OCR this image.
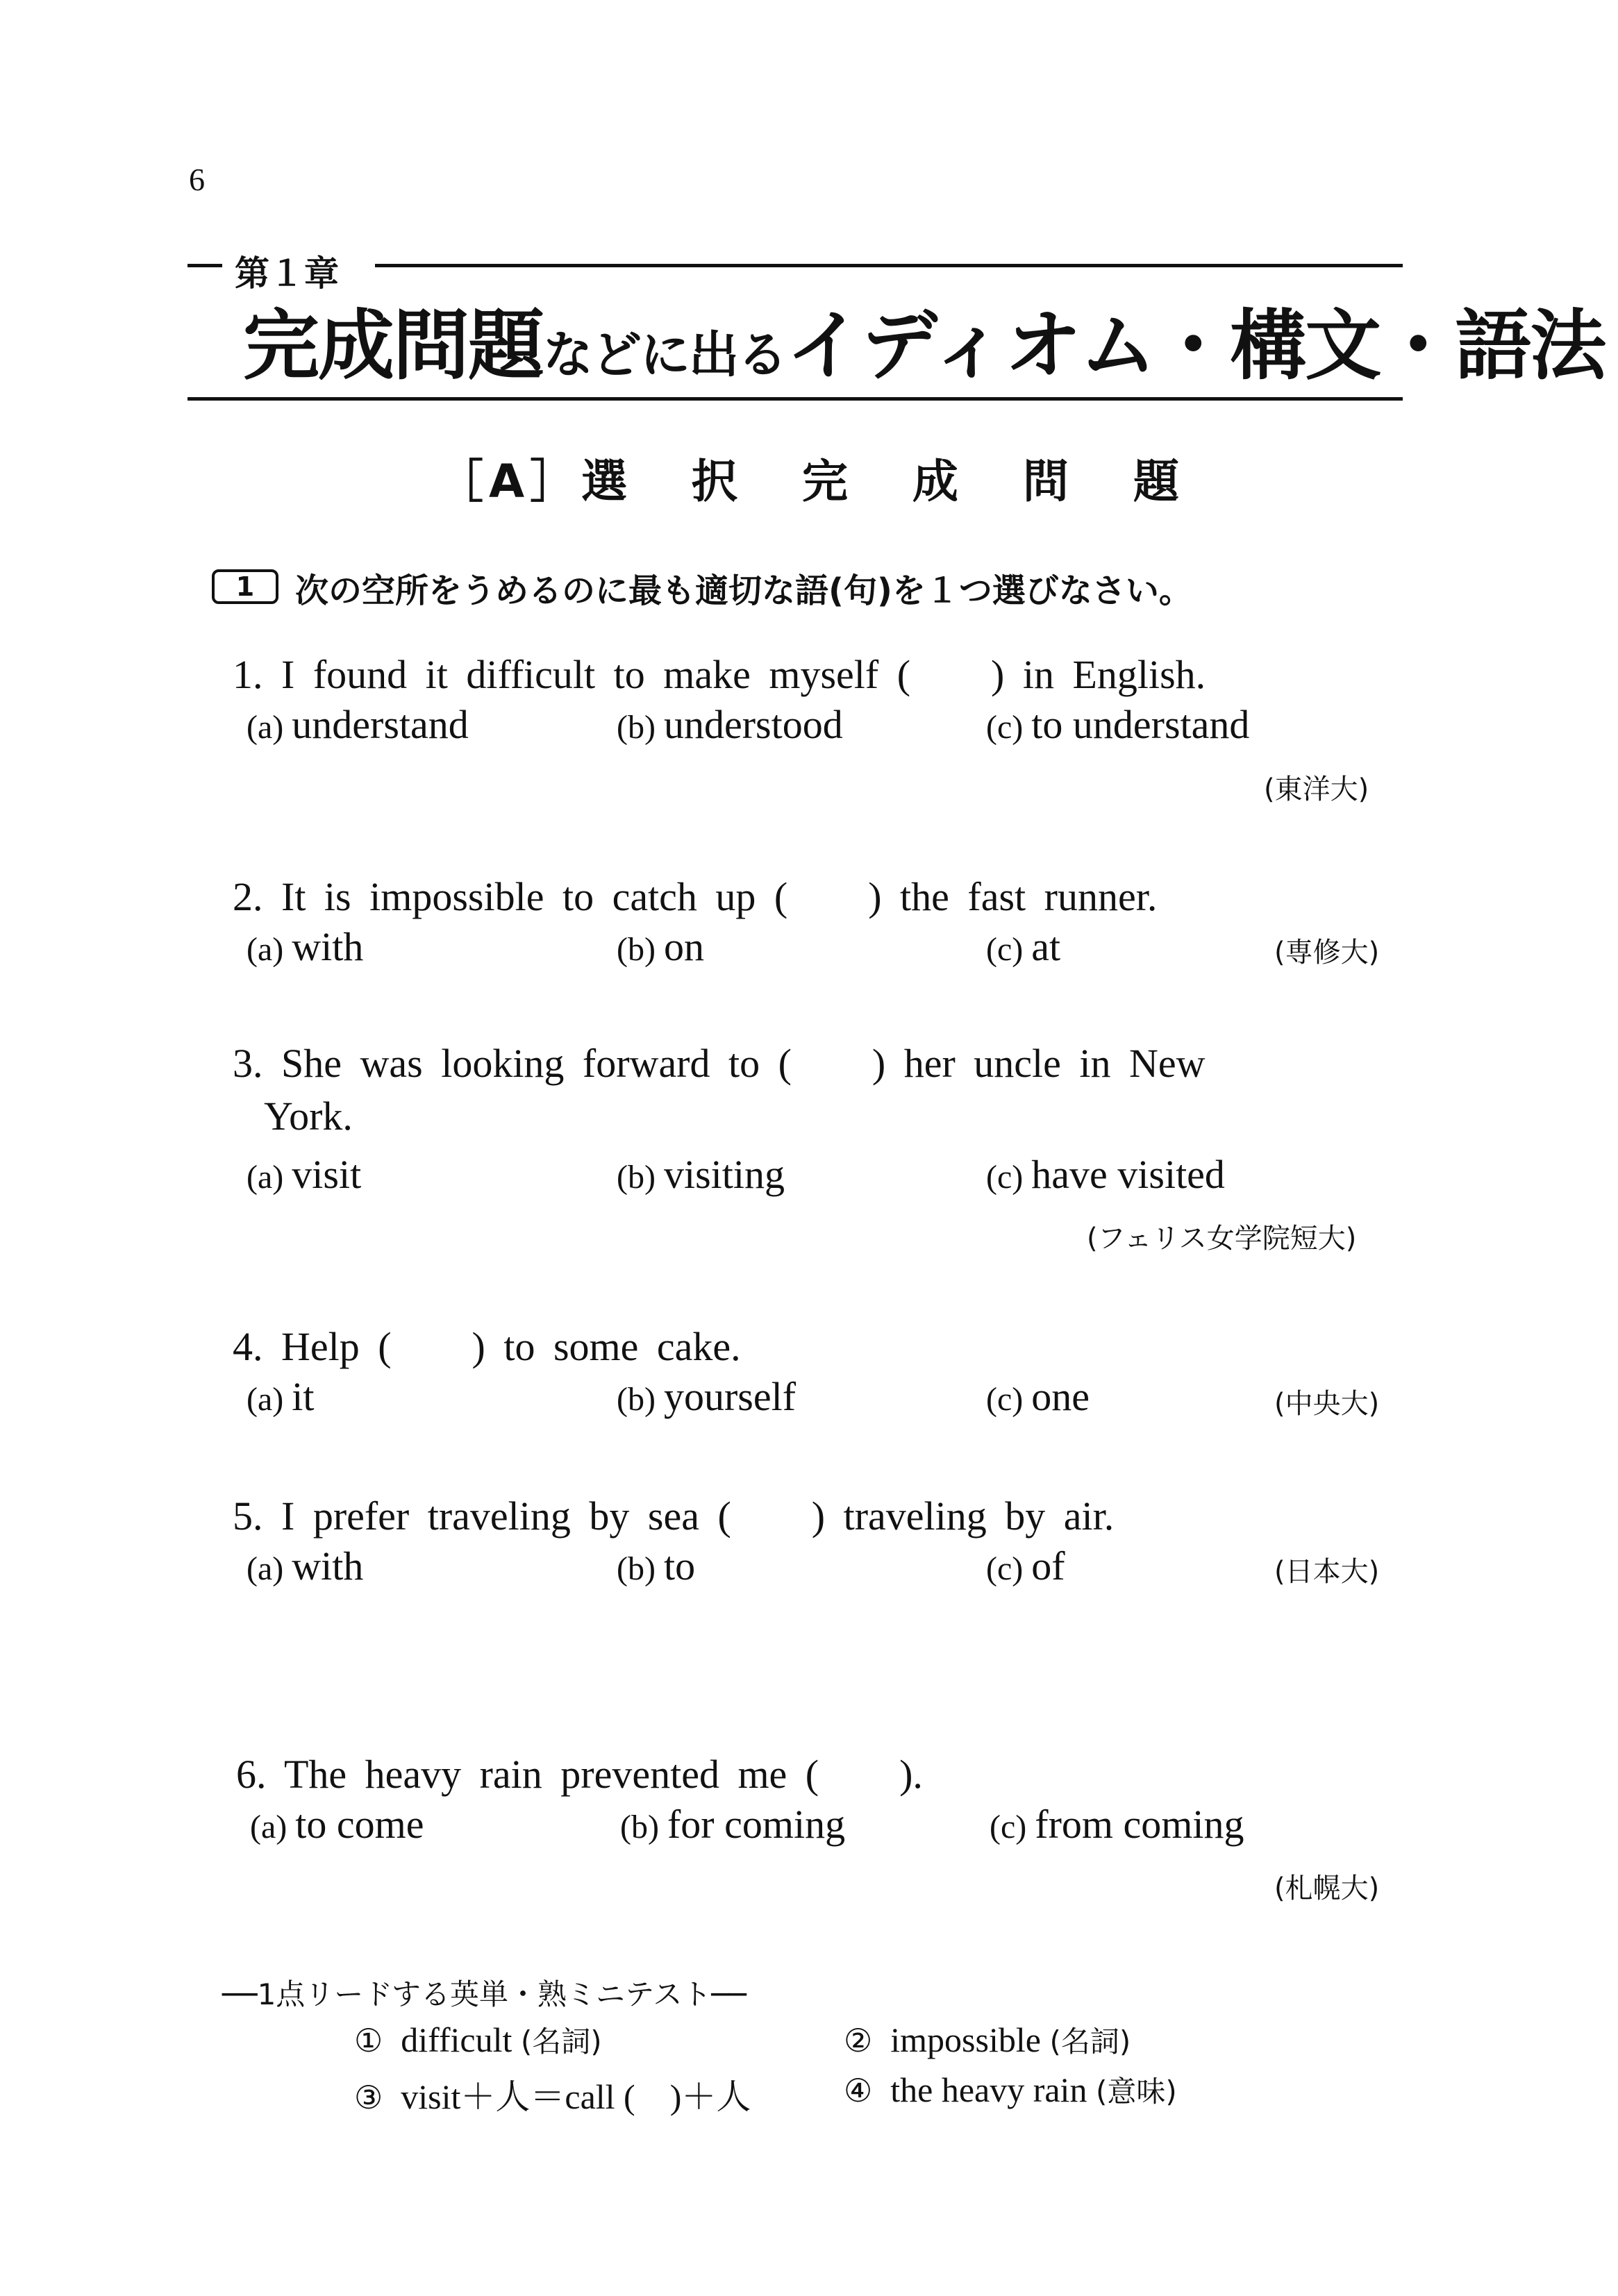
6
第１章
完成問題などに出るイディオム・構文・語法
［A］選 択 完 成 問 題
1	次の空所をうめるのに最も適切な語(句)を１つ選びなさい。
1. I found it difficult to make myself (　　) in English.
(a) understand	(b) understood	(c) to understand
(東洋大)
2. It is impossible to catch up (　　) the fast runner.
(a) with	(b) on	(c) at	(専修大)
3. She was looking forward to (　　) her uncle in New
York.
(a) visit	(b) visiting	(c) have visited
(フェリス女学院短大)
4. Help (　　) to some cake.
(a) it	(b) yourself	(c) one	(中央大)
5. I prefer traveling by sea (　　) traveling by air.
(a) with	(b) to	(c) of	(日本大)
6. The heavy rain prevented me (　　).
(a) to come	(b) for coming	(c) from coming
(札幌大)
──1点リードする英単・熟ミニテスト──
① difficult (名詞)	② impossible (名詞)
③ visit＋人＝call (　)＋人	④ the heavy rain (意味)
